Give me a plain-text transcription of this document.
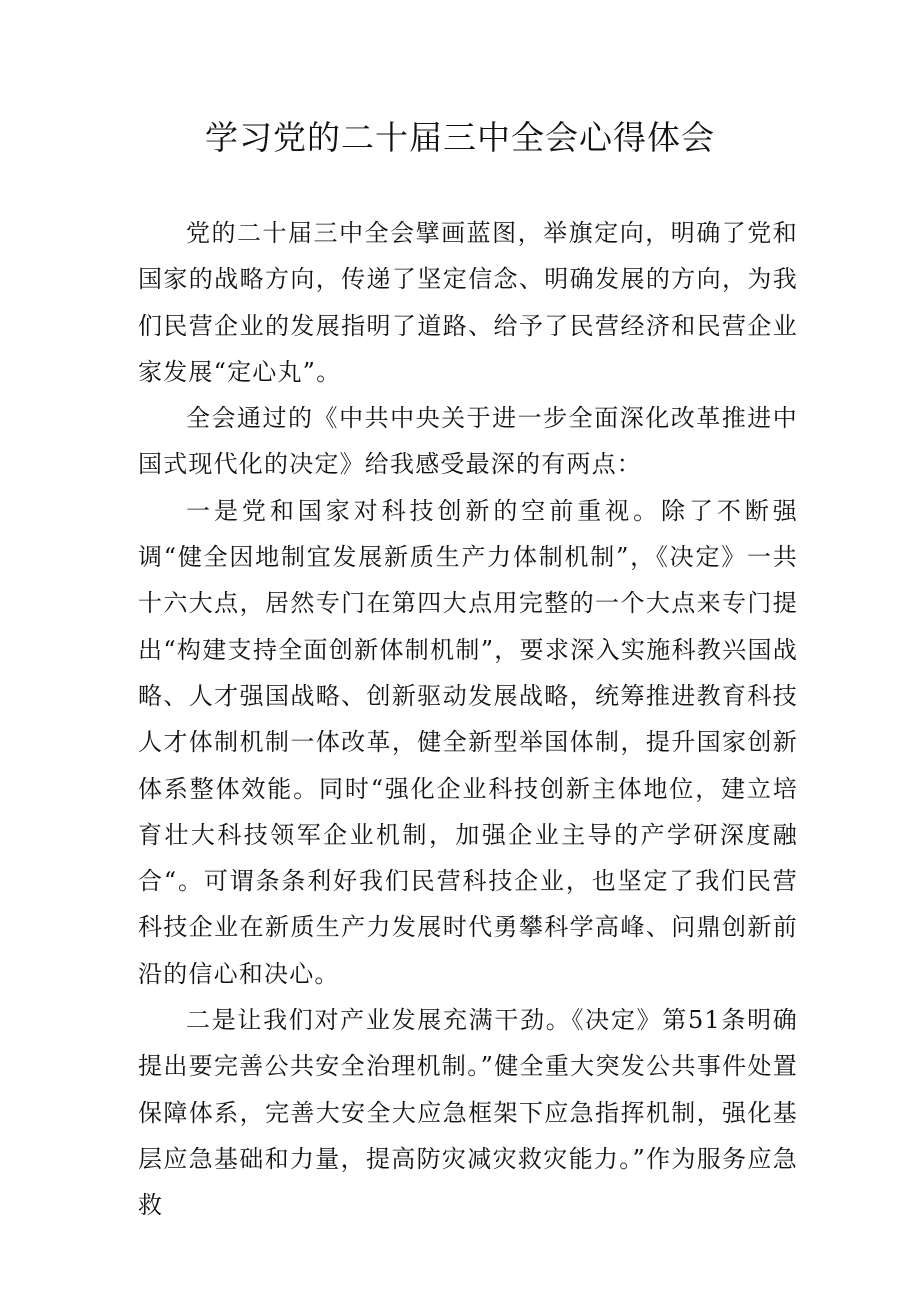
学习党的二十届三中全会心得体会

党的二十届三中全会擘画蓝图，举旗定向，明确了党和国家的战略方向，传递了坚定信念、明确发展的方向，为我们民营企业的发展指明了道路、给予了民营经济和民营企业家发展“定心丸”。

全会通过的《中共中央关于进一步全面深化改革推进中国式现代化的决定》给我感受最深的有两点：

一是党和国家对科技创新的空前重视。除了不断强调“健全因地制宜发展新质生产力体制机制”，《决定》一共十六大点，居然专门在第四大点用完整的一个大点来专门提出“构建支持全面创新体制机制”，要求深入实施科教兴国战略、人才强国战略、创新驱动发展战略，统筹推进教育科技人才体制机制一体改革，健全新型举国体制，提升国家创新体系整体效能。同时“强化企业科技创新主体地位，建立培育壮大科技领军企业机制，加强企业主导的产学研深度融合“。可谓条条利好我们民营科技企业，也坚定了我们民营科技企业在新质生产力发展时代勇攀科学高峰、问鼎创新前沿的信心和决心。

二是让我们对产业发展充满干劲。《决定》第51条明确提出要完善公共安全治理机制。”健全重大突发公共事件处置保障体系，完善大安全大应急框架下应急指挥机制，强化基层应急基础和力量，提高防灾减灾救灾能力。”作为服务应急救
